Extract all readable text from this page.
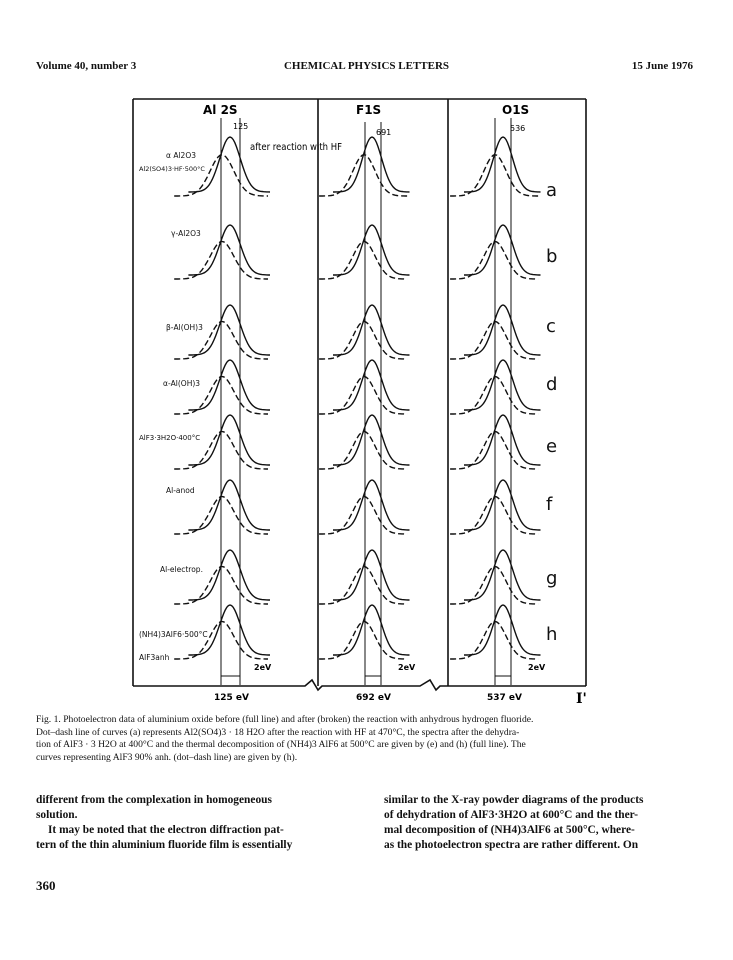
Volume 40, number 3	CHEMICAL PHYSICS LETTERS	15 June 1976
Al 2S	F1S	O1S
125
691	536
125 eV	692 eV	537 eV
2eV	2eV	2eV
after reaction with HF
α Al2O3
Al2(SO4)3·HF·500°C
γ-Al2O3
β-Al(OH)3
α-Al(OH)3
AlF3·3H2O·400°C
Al-anod
Al-electrop.
(NH4)3AlF6·500°C
AlF3anh
a
b
c
d
e
f
g
h
I'
Fig. 1. Photoelectron data of aluminium oxide before (full line) and after (broken) the reaction with anhydrous hydrogen fluoride.
Dot–dash line of curves (a) represents Al2(SO4)3 · 18 H2O after the reaction with HF at 470°C, the spectra after the dehydra-
tion of AlF3 · 3 H2O at 400°C and the thermal decomposition of (NH4)3 AlF6 at 500°C are given by (e) and (h) (full line). The
curves representing AlF3 90% anh. (dot–dash line) are given by (h).

different from the complexation in homogeneous

solution.

It may be noted that the electron diffraction pat-

tern of the thin aluminium fluoride film is essentially

similar to the X-ray powder diagrams of the products

of dehydration of AlF3·3H2O at 600°C and the ther-

mal decomposition of (NH4)3AlF6 at 500°C, where-

as the photoelectron spectra are rather different. On

360
